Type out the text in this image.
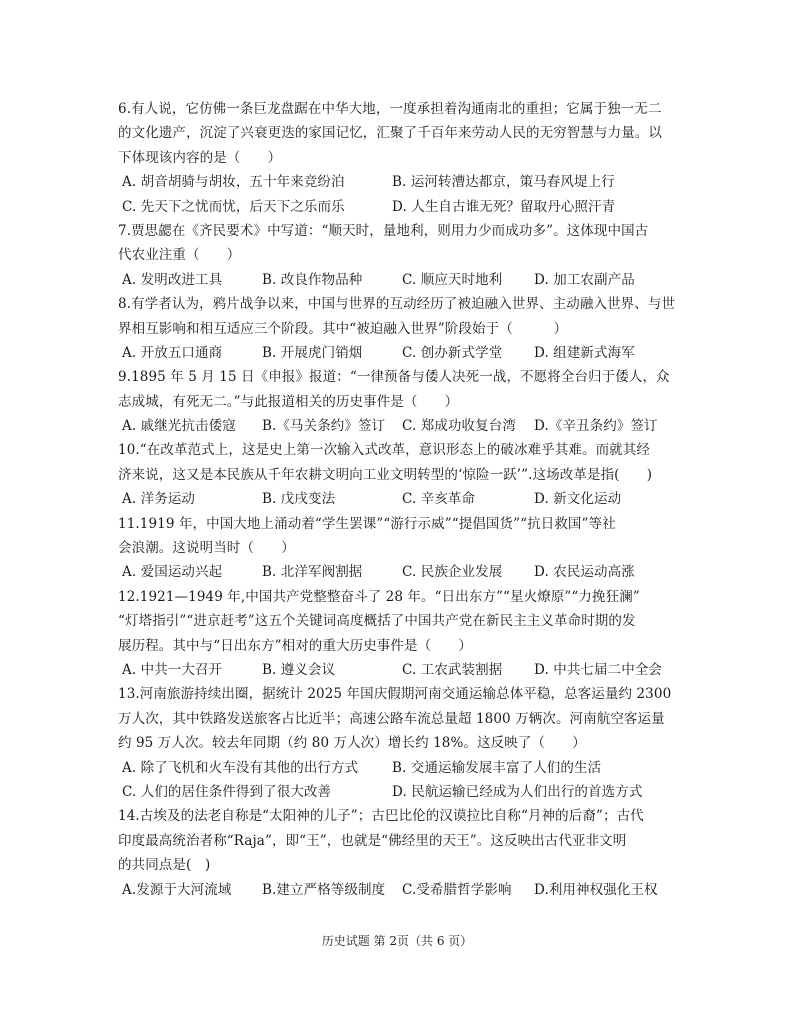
6.有人说，它仿佛一条巨龙盘踞在中华大地，一度承担着沟通南北的重担；它属于独一无二
的文化遗产，沉淀了兴衰更迭的家国记忆，汇聚了千百年来劳动人民的无穷智慧与力量。以
下体现该内容的是（　　）
A. 胡音胡骑与胡妆，五十年来竞纷泊	B. 运河转漕达都京，策马春风堤上行
C. 先天下之忧而忧，后天下之乐而乐	D. 人生自古谁无死？留取丹心照汗青
7.贾思勰在《齐民要术》中写道：“顺天时，量地利，则用力少而成功多”。这体现中国古
代农业注重（　　）
A. 发明改进工具	B. 改良作物品种	C. 顺应天时地利 D. 加工农副产品
8.有学者认为，鸦片战争以来，中国与世界的互动经历了被迫融入世界、主动融入世界、与世
界相互影响和相互适应三个阶段。其中“被迫融入世界”阶段始于（　　　）
A. 开放五口通商	B. 开展虎门销烟	C. 创办新式学堂 D. 组建新式海军
9.1895 年 5 月 15 日《申报》报道：“一律预备与倭人决死一战，不愿将全台归于倭人，众
志成城，有死无二。”与此报道相关的历史事件是（　　）
A. 戚继光抗击倭寇 B.《马关条约》签订 C. 郑成功收复台湾 D.《辛丑条约》签订
10.“在改革范式上，这是史上第一次输入式改革，意识形态上的破冰难乎其难。而就其经
济来说，这又是本民族从千年农耕文明向工业文明转型的‘惊险一跃’”.这场改革是指(　　)
A. 洋务运动	B. 戊戌变法	C. 辛亥革命	D. 新文化运动
11.1919 年，中国大地上涌动着“学生罢课”“游行示威”“提倡国货”“抗日救国”等社
会浪潮。这说明当时（　　）
A. 爱国运动兴起	B. 北洋军阀割据	C. 民族企业发展 D. 农民运动高涨
12.1921—1949 年,中国共产党整整奋斗了 28 年。“日出东方”“星火燎原”“力挽狂澜”
“灯塔指引”“进京赶考”这五个关键词高度概括了中国共产党在新民主主义革命时期的发
展历程。其中与“日出东方”相对的重大历史事件是（　　）
A. 中共一大召开	B. 遵义会议	C. 工农武装割据 D. 中共七届二中全会
13.河南旅游持续出圈，据统计 2025 年国庆假期河南交通运输总体平稳，总客运量约 2300
万人次，其中铁路发送旅客占比近半；高速公路车流总量超 1800 万辆次。河南航空客运量
约 95 万人次。较去年同期（约 80 万人次）增长约 18%。这反映了（　　）
A. 除了飞机和火车没有其他的出行方式	B. 交通运输发展丰富了人们的生活
C. 人们的居住条件得到了很大改善	D. 民航运输已经成为人们出行的首选方式
14.古埃及的法老自称是“太阳神的儿子”；古巴比伦的汉谟拉比自称“月神的后裔”；古代
印度最高统治者称“Raja”，即“王”，也就是“佛经里的天王”。这反映出古代亚非文明
的共同点是(　)
A.发源于大河流域 B.建立严格等级制度 C.受希腊哲学影响 D.利用神权强化王权
历史试题 第 2页（共 6 页）
